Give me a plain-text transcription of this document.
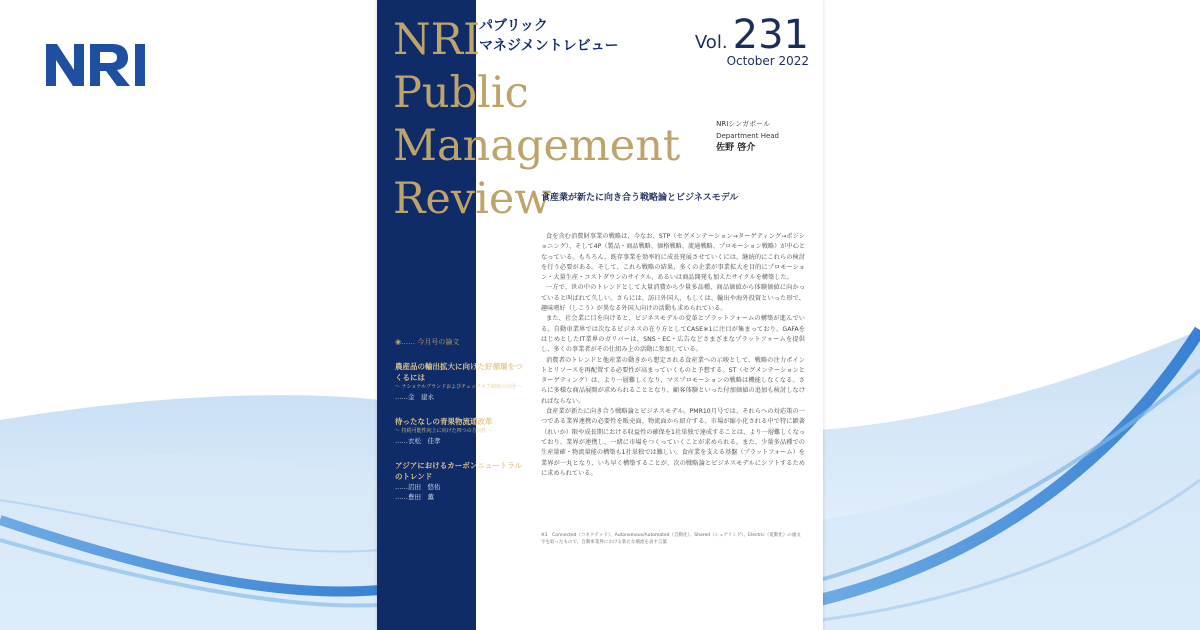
NRI
Public
Management
Review
パブリック
マネジメントレビュー	Vol. 231
October 2022
NRIシンガポール
Department Head
佐野 啓介
食産業が新たに向き合う戦略論とビジネスモデル

食を含む消費財事業の戦略は、今なお、STP（セグメンテーション→ターゲティング→ポジショニング）、そして4P（製品・商品戦略、価格戦略、流通戦略、プロモーション戦略）が中心となっている。もちろん、既存事業を効率的に成長発展させていくには、継続的にこれらの検討を行う必要がある。そして、これら戦略の結果、多くの企業が事業拡大を目的にプロモーション・大量生産・コストダウンのサイクル、あるいは商品開発も加えたサイクルを構築した。

一方で、世の中のトレンドとして大量消費から少量多品種、商品価値から体験価値に向かっていると叫ばれて久しい。さらには、訪日外国人、もしくは、輸出や海外投資といった形で、趣味嗜好（しこう）が異なる外国人向けの活動も求められている。

また、社会業に目を向けると、ビジネスモデルの変革とプラットフォームの構築が進んでいる。自動車業界では次なるビジネスの在り方としてCASE※1に注目が集まっており、GAFAをはじめとしたIT業界のガリバーは、SNS・EC・広告などさまざまなプラットフォームを提供し、多くの事業者がその仕組み上の活動に参加している。

消費者のトレンドと他産業の動きから想定される食産業への示唆として、戦略の注力ポイントとリソースを再配置する必要性が高まっていくものと予想する。ST（セグメンテーションとターゲティング）は、より一層難しくなり、マスプロモーションの戦略は機能しなくなる。さらに多様な商品展開が求められることとなり、顧客体験といった付加価値の追加も検討しなければならない。

食産業が新たに向き合う戦略論とビジネスモデル。PMR10月号では、それらへの対応策の一つである業界連携の必要性を販売面、物流面から紹介する。市場が縮小化される中で特に顕著（れいか）限や成長期における収益性の確保を1社単独で達成することは、より一層難しくなっており、業界が連携し、一緒に市場をつくっていくことが求められる。また、少量多品種での生産量確・物流量能の構築も1社単独では難しい。食産業を支える基盤（プラットフォーム）を業界が一丸となり、いち早く構築することが、次の戦略論とビジネスモデルにシフトするために求められている。

※1　Connected（コネクテッド）、Autonomous/Automated（自動化）、Shared（シェアリング）、Electric（電動化）の頭文字を取ったもので、自動車業界における新たな潮流を表す言葉
◉…… 今月号の論文
農産品の輸出拡大に向けた好循環をつくるには
～ ナショナルブランドおよびチェックオフ制度の活用 ～
……金　建永
待ったなしの青果物流通改革
～ 持続可能性向上に向けた四つの方向性 ～
……衣松　佳孝
アジアにおけるカーボンニュートラルのトレンド
……沼田　悠佑
……豊田　薫
